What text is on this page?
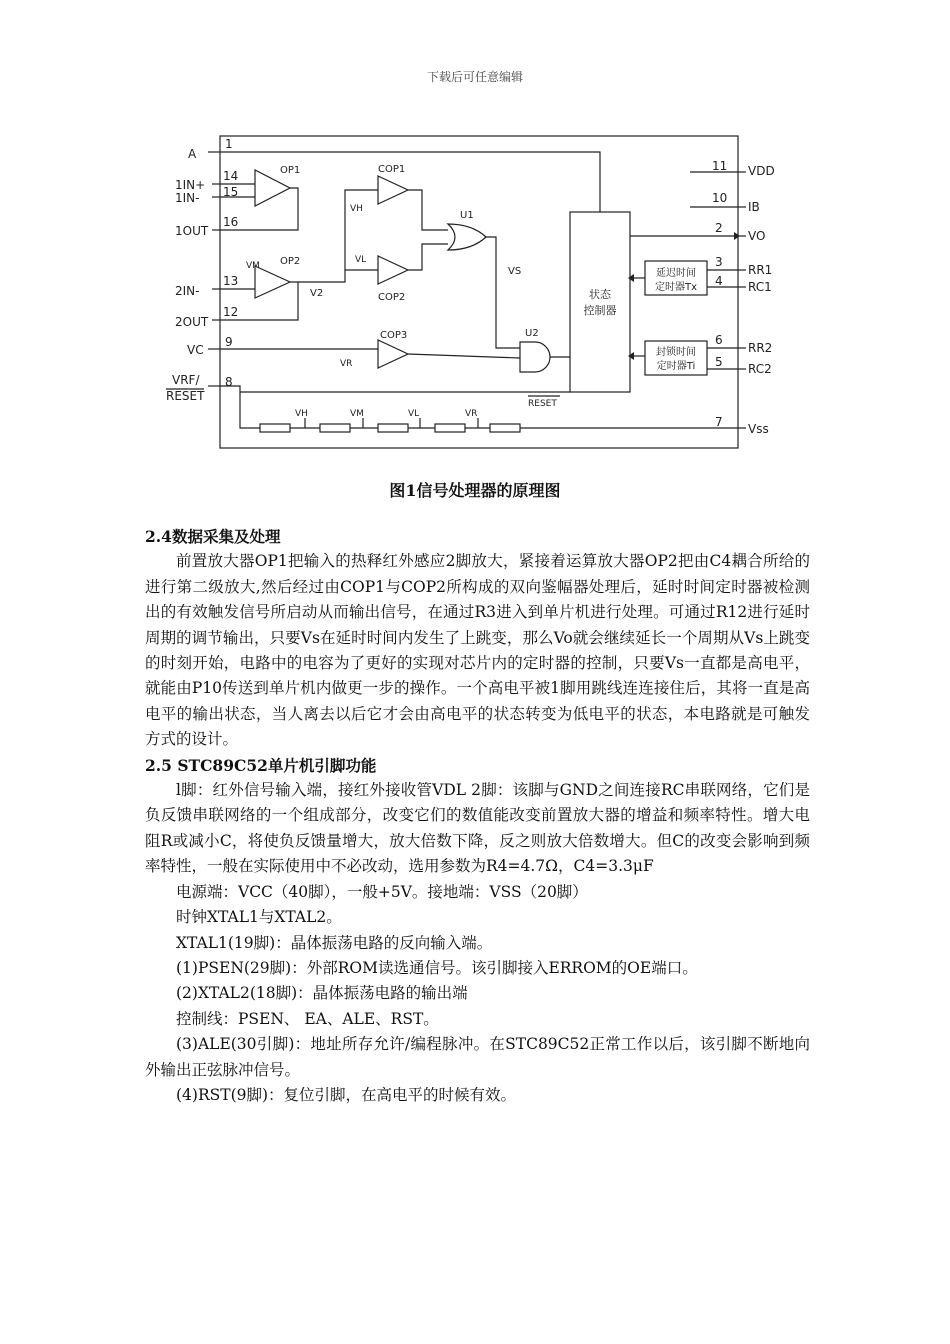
下载后可任意编辑
A
1IN+
1IN-
1OUT
2IN-
2OUT
VC
VRF/
RESET
1
14
15
16
13
12
9
8
VDD
IB
VO
RR1
RC1
RR2
RC2
Vss
11
10
2
3
4
6
5
7
OP1
OP2
VM
V2
COP1
VH
COP2
VL
U1
VS
COP3
VR
U2
状态
控制器
延迟时间
定时器Tx
封锁时间
定时器Ti
RESET
VH	VM	VL	VR
图1信号处理器的原理图
2.4数据采集及处理
前置放大器OP1把输入的热释红外感应2脚放大，紧接着运算放大器OP2把由C4耦合所给的进行第二级放大,然后经过由COP1与COP2所构成的双向鉴幅器处理后，延时时间定时器被检测出的有效触发信号所启动从而输出信号，在通过R3进入到单片机进行处理。可通过R12进行延时周期的调节输出，只要Vs在延时时间内发生了上跳变，那么Vo就会继续延长一个周期从Vs上跳变的时刻开始，电路中的电容为了更好的实现对芯片内的定时器的控制，只要Vs一直都是高电平，就能由P10传送到单片机内做更一步的操作。一个高电平被1脚用跳线连连接住后，其将一直是高电平的输出状态，当人离去以后它才会由高电平的状态转变为低电平的状态，本电路就是可触发方式的设计。
2.5 STC89C52单片机引脚功能
l脚：红外信号输入端，接红外接收管VDL 2脚：该脚与GND之间连接RC串联网络，它们是负反馈串联网络的一个组成部分，改变它们的数值能改变前置放大器的增益和频率特性。增大电阻R或减小C，将使负反馈量增大，放大倍数下降，反之则放大倍数增大。但C的改变会影响到频率特性，一般在实际使用中不必改动，选用参数为R4=4.7Ω，C4=3.3μF
电源端：VCC（40脚），一般+5V。接地端：VSS（20脚）
时钟XTAL1与XTAL2。
XTAL1(19脚)：晶体振荡电路的反向输入端。
(1)PSEN(29脚)：外部ROM读选通信号。该引脚接入ERROM的OE端口。
(2)XTAL2(18脚)：晶体振荡电路的输出端
控制线：PSEN、 EA、ALE、RST。
(3)ALE(30引脚)：地址所存允许/编程脉冲。在STC89C52正常工作以后，该引脚不断地向外输出正弦脉冲信号。
(4)RST(9脚)：复位引脚，在高电平的时候有效。
